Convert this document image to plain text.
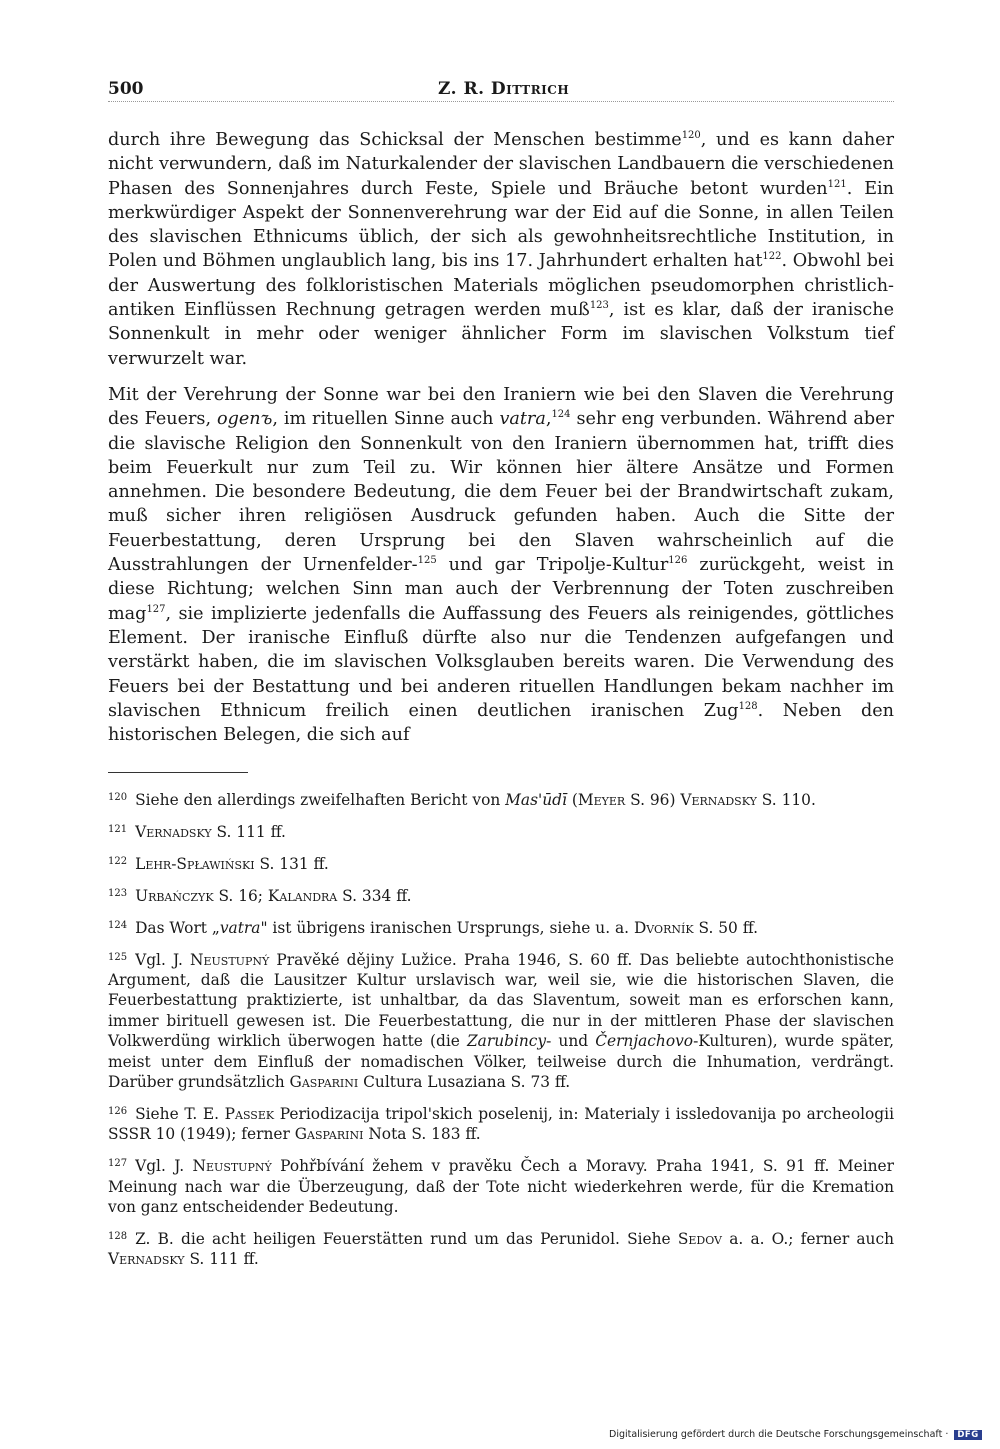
500	Z. R. Dittrich

durch ihre Bewegung das Schicksal der Menschen bestimme$^{120}$, und es kann daher nicht verwundern, daß im Naturkalender der slavischen Landbauern die verschiedenen Phasen des Sonnenjahres durch Feste, Spiele und Bräuche betont wurden$^{121}$. Ein merkwürdiger Aspekt der Sonnenverehrung war der Eid auf die Sonne, in allen Teilen des slavischen Ethnicums üblich, der sich als gewohnheitsrechtliche Institution, in Polen und Böhmen unglaublich lang, bis ins 17. Jahrhundert erhalten hat$^{122}$. Obwohl bei der Auswertung des folkloristischen Materials möglichen pseudomorphen christlich-antiken Einflüssen Rechnung getragen werden muß$^{123}$, ist es klar, daß der iranische Sonnenkult in mehr oder weniger ähnlicher Form im slavischen Volkstum tief verwurzelt war.

Mit der Verehrung der Sonne war bei den Iraniern wie bei den Slaven die Verehrung des Feuers, ogenъ, im rituellen Sinne auch vatra,$^{124}$ sehr eng verbunden. Während aber die slavische Religion den Sonnenkult von den Iraniern übernommen hat, trifft dies beim Feuerkult nur zum Teil zu. Wir können hier ältere Ansätze und Formen annehmen. Die besondere Bedeutung, die dem Feuer bei der Brandwirtschaft zukam, muß sicher ihren religiösen Ausdruck gefunden haben. Auch die Sitte der Feuerbestattung, deren Ursprung bei den Slaven wahrscheinlich auf die Ausstrahlungen der Urnenfelder-$^{125}$ und gar Tripolje-Kultur$^{126}$ zurückgeht, weist in diese Richtung; welchen Sinn man auch der Verbrennung der Toten zuschreiben mag$^{127}$, sie implizierte jedenfalls die Auffassung des Feuers als reinigendes, göttliches Element. Der iranische Einfluß dürfte also nur die Tendenzen aufgefangen und verstärkt haben, die im slavischen Volksglauben bereits waren. Die Verwendung des Feuers bei der Bestattung und bei anderen rituellen Handlungen bekam nachher im slavischen Ethnicum freilich einen deutlichen iranischen Zug$^{128}$. Neben den historischen Belegen, die sich auf

$^{120}$ Siehe den allerdings zweifelhaften Bericht von Mas'ūdī (Meyer S. 96) Vernadsky S. 110.

$^{121}$ Vernadsky S. 111 ff.

$^{122}$ Lehr-Spławiński S. 131 ff.

$^{123}$ Urbańczyk S. 16; Kalandra S. 334 ff.

$^{124}$ Das Wort „vatra" ist übrigens iranischen Ursprungs, siehe u. a. Dvorník S. 50 ff.

$^{125}$ Vgl. J. Neustupný Pravěké dějiny Lužice. Praha 1946, S. 60 ff. Das beliebte autochthonistische Argument, daß die Lausitzer Kultur urslavisch war, weil sie, wie die historischen Slaven, die Feuerbestattung praktizierte, ist unhaltbar, da das Slaventum, soweit man es erforschen kann, immer birituell gewesen ist. Die Feuerbestattung, die nur in der mittleren Phase der slavischen Volkwerdüng wirklich überwogen hatte (die Zarubincy- und Černjachovo-Kulturen), wurde später, meist unter dem Einfluß der nomadischen Völker, teilweise durch die Inhumation, verdrängt. Darüber grundsätzlich Gasparini Cultura Lusaziana S. 73 ff.

$^{126}$ Siehe T. E. Passek Periodizacija tripol'skich poselenij, in: Materialy i issledovanija po archeologii SSSR 10 (1949); ferner Gasparini Nota S. 183 ff.

$^{127}$ Vgl. J. Neustupný Pohřbívání žehem v pravěku Čech a Moravy. Praha 1941, S. 91 ff. Meiner Meinung nach war die Überzeugung, daß der Tote nicht wiederkehren werde, für die Kremation von ganz entscheidender Bedeutung.

$^{128}$ Z. B. die acht heiligen Feuerstätten rund um das Perunidol. Siehe Sedov a. a. O.; ferner auch Vernadsky S. 111 ff.

Digitalisierung gefördert durch die Deutsche Forschungsgemeinschaft · DFG
